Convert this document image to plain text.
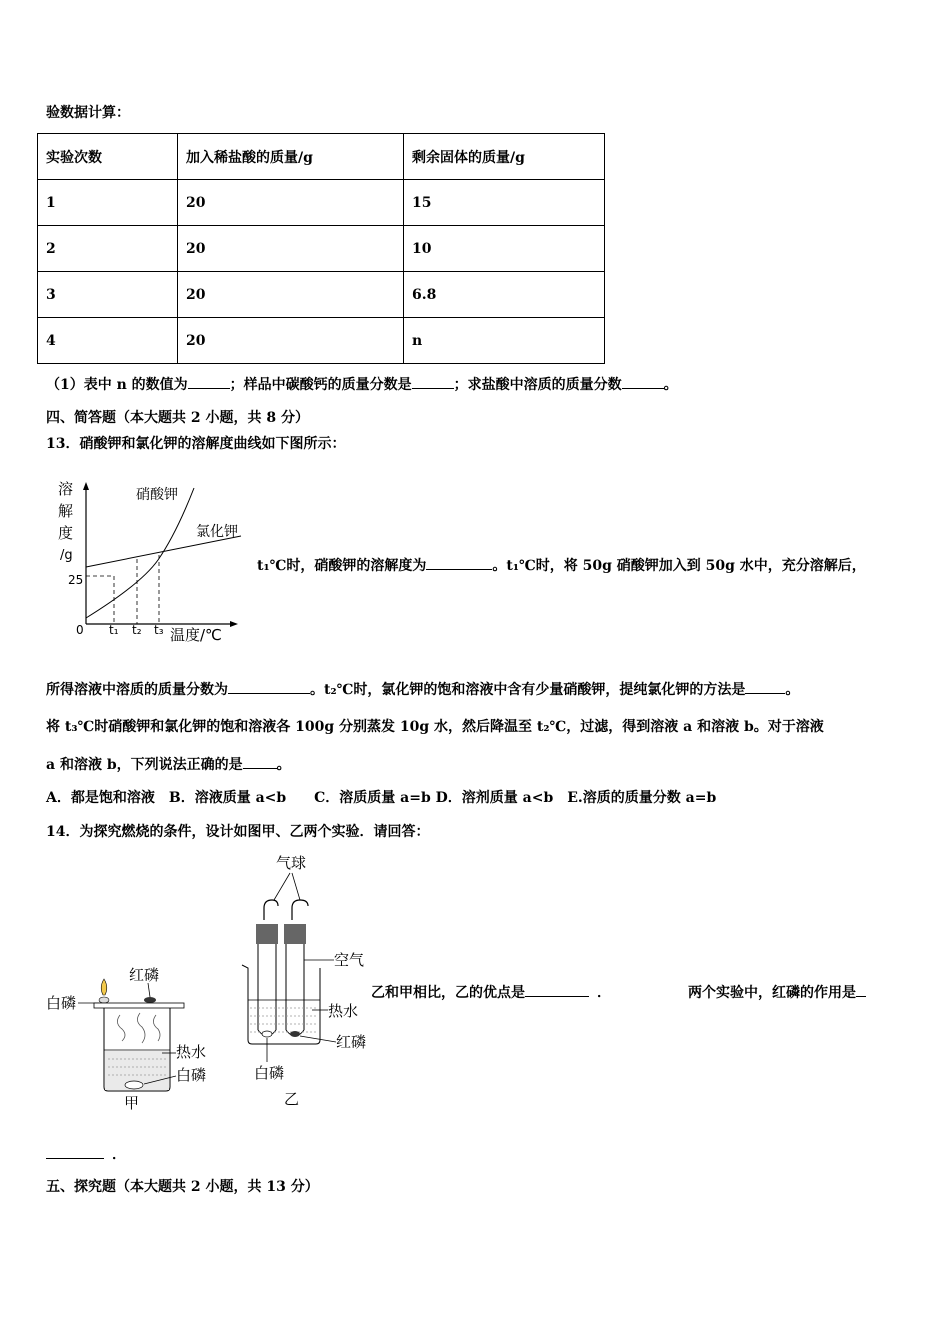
验数据计算：
实验次数	加入稀盐酸的质量/g	剩余固体的质量/g
1	20	15
2	20	10
3	20	6.8
4	20	n
（1）表中 n 的数值为	；样品中碳酸钙的质量分数是	；求盐酸中溶质的质量分数	。
四、简答题（本大题共 2 小题，共 8 分）
13．硝酸钾和氯化钾的溶解度曲线如下图所示：
溶
解
度
/g
硝酸钾
氯化钾
25
0 t₁ t₂ t₃ 温度/℃
t₁℃时，硝酸钾的溶解度为	。t₁℃时，将 50g 硝酸钾加入到 50g 水中，充分溶解后，
所得溶液中溶质的质量分数为	。t₂℃时，氯化钾的饱和溶液中含有少量硝酸钾，提纯氯化钾的方法是	。
将 t₃℃时硝酸钾和氯化钾的饱和溶液各 100g 分别蒸发 10g 水，然后降温至 t₂℃，过滤，得到溶液 a 和溶液 b。对于溶液
a 和溶液 b，下列说法正确的是 。
A．都是饱和溶液　B．溶液质量 a<b　　C．溶质质量 a=b D．溶剂质量 a<b　E.溶质的质量分数 a=b
14．为探究燃烧的条件，设计如图甲、乙两个实验．请回答：
红磷
白磷
热水
白磷
甲
气球
空气
热水
红磷
白磷
乙
乙和甲相比，乙的优点是	．	两个实验中，红磷的作用是
．
五、探究题（本大题共 2 小题，共 13 分）
